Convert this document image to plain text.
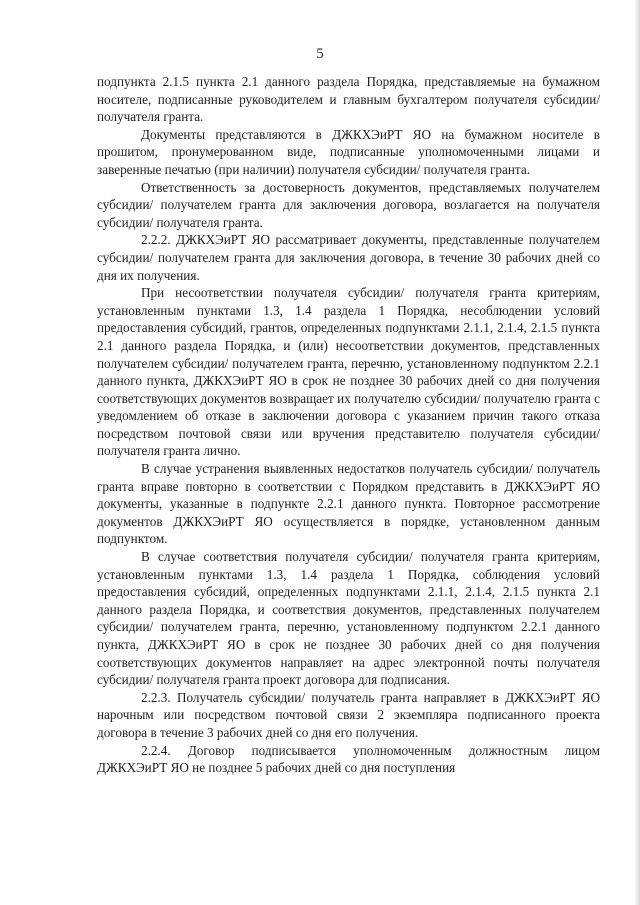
5

подпункта 2.1.5 пункта 2.1 данного раздела Порядка, представляемые на бумажном носителе, подписанные руководителем и главным бухгалтером получателя субсидии/ получателя гранта.

Документы представляются в ДЖКХЭиРТ ЯО на бумажном носителе в прошитом, пронумерованном виде, подписанные уполномоченными лицами и заверенные печатью (при наличии) получателя субсидии/ получателя гранта.

Ответственность за достоверность документов, представляемых получателем субсидии/ получателем гранта для заключения договора, возлагается на получателя субсидии/ получателя гранта.

2.2.2. ДЖКХЭиРТ ЯО рассматривает документы, представленные получателем субсидии/ получателем гранта для заключения договора, в течение 30 рабочих дней со дня их получения.

При несоответствии получателя субсидии/ получателя гранта критериям, установленным пунктами 1.3, 1.4 раздела 1 Порядка, несоблюдении условий предоставления субсидий, грантов, определенных подпунктами 2.1.1, 2.1.4, 2.1.5 пункта 2.1 данного раздела Порядка, и (или) несоответствии документов, представленных получателем субсидии/ получателем гранта, перечню, установленному подпунктом 2.2.1 данного пункта, ДЖКХЭиРТ ЯО в срок не позднее 30 рабочих дней со дня получения соответствующих документов возвращает их получателю субсидии/ получателю гранта с уведомлением об отказе в заключении договора с указанием причин такого отказа посредством почтовой связи или вручения представителю получателя субсидии/ получателя гранта лично.

В случае устранения выявленных недостатков получатель субсидии/ получатель гранта вправе повторно в соответствии с Порядком представить в ДЖКХЭиРТ ЯО документы, указанные в подпункте 2.2.1 данного пункта. Повторное рассмотрение документов ДЖКХЭиРТ ЯО осуществляется в порядке, установленном данным подпунктом.

В случае соответствия получателя субсидии/ получателя гранта критериям, установленным пунктами 1.3, 1.4 раздела 1 Порядка, соблюдения условий предоставления субсидий, определенных подпунктами 2.1.1, 2.1.4, 2.1.5 пункта 2.1 данного раздела Порядка, и соответствия документов, представленных получателем субсидии/ получателем гранта, перечню, установленному подпунктом 2.2.1 данного пункта, ДЖКХЭиРТ ЯО в срок не позднее 30 рабочих дней со дня получения соответствующих документов направляет на адрес электронной почты получателя субсидии/ получателя гранта проект договора для подписания.

2.2.3. Получатель субсидии/ получатель гранта направляет в ДЖКХЭиРТ ЯО нарочным или посредством почтовой связи 2 экземпляра подписанного проекта договора в течение 3 рабочих дней со дня его получения.

2.2.4. Договор подписывается уполномоченным должностным лицом ДЖКХЭиРТ ЯО не позднее 5 рабочих дней со дня поступления
